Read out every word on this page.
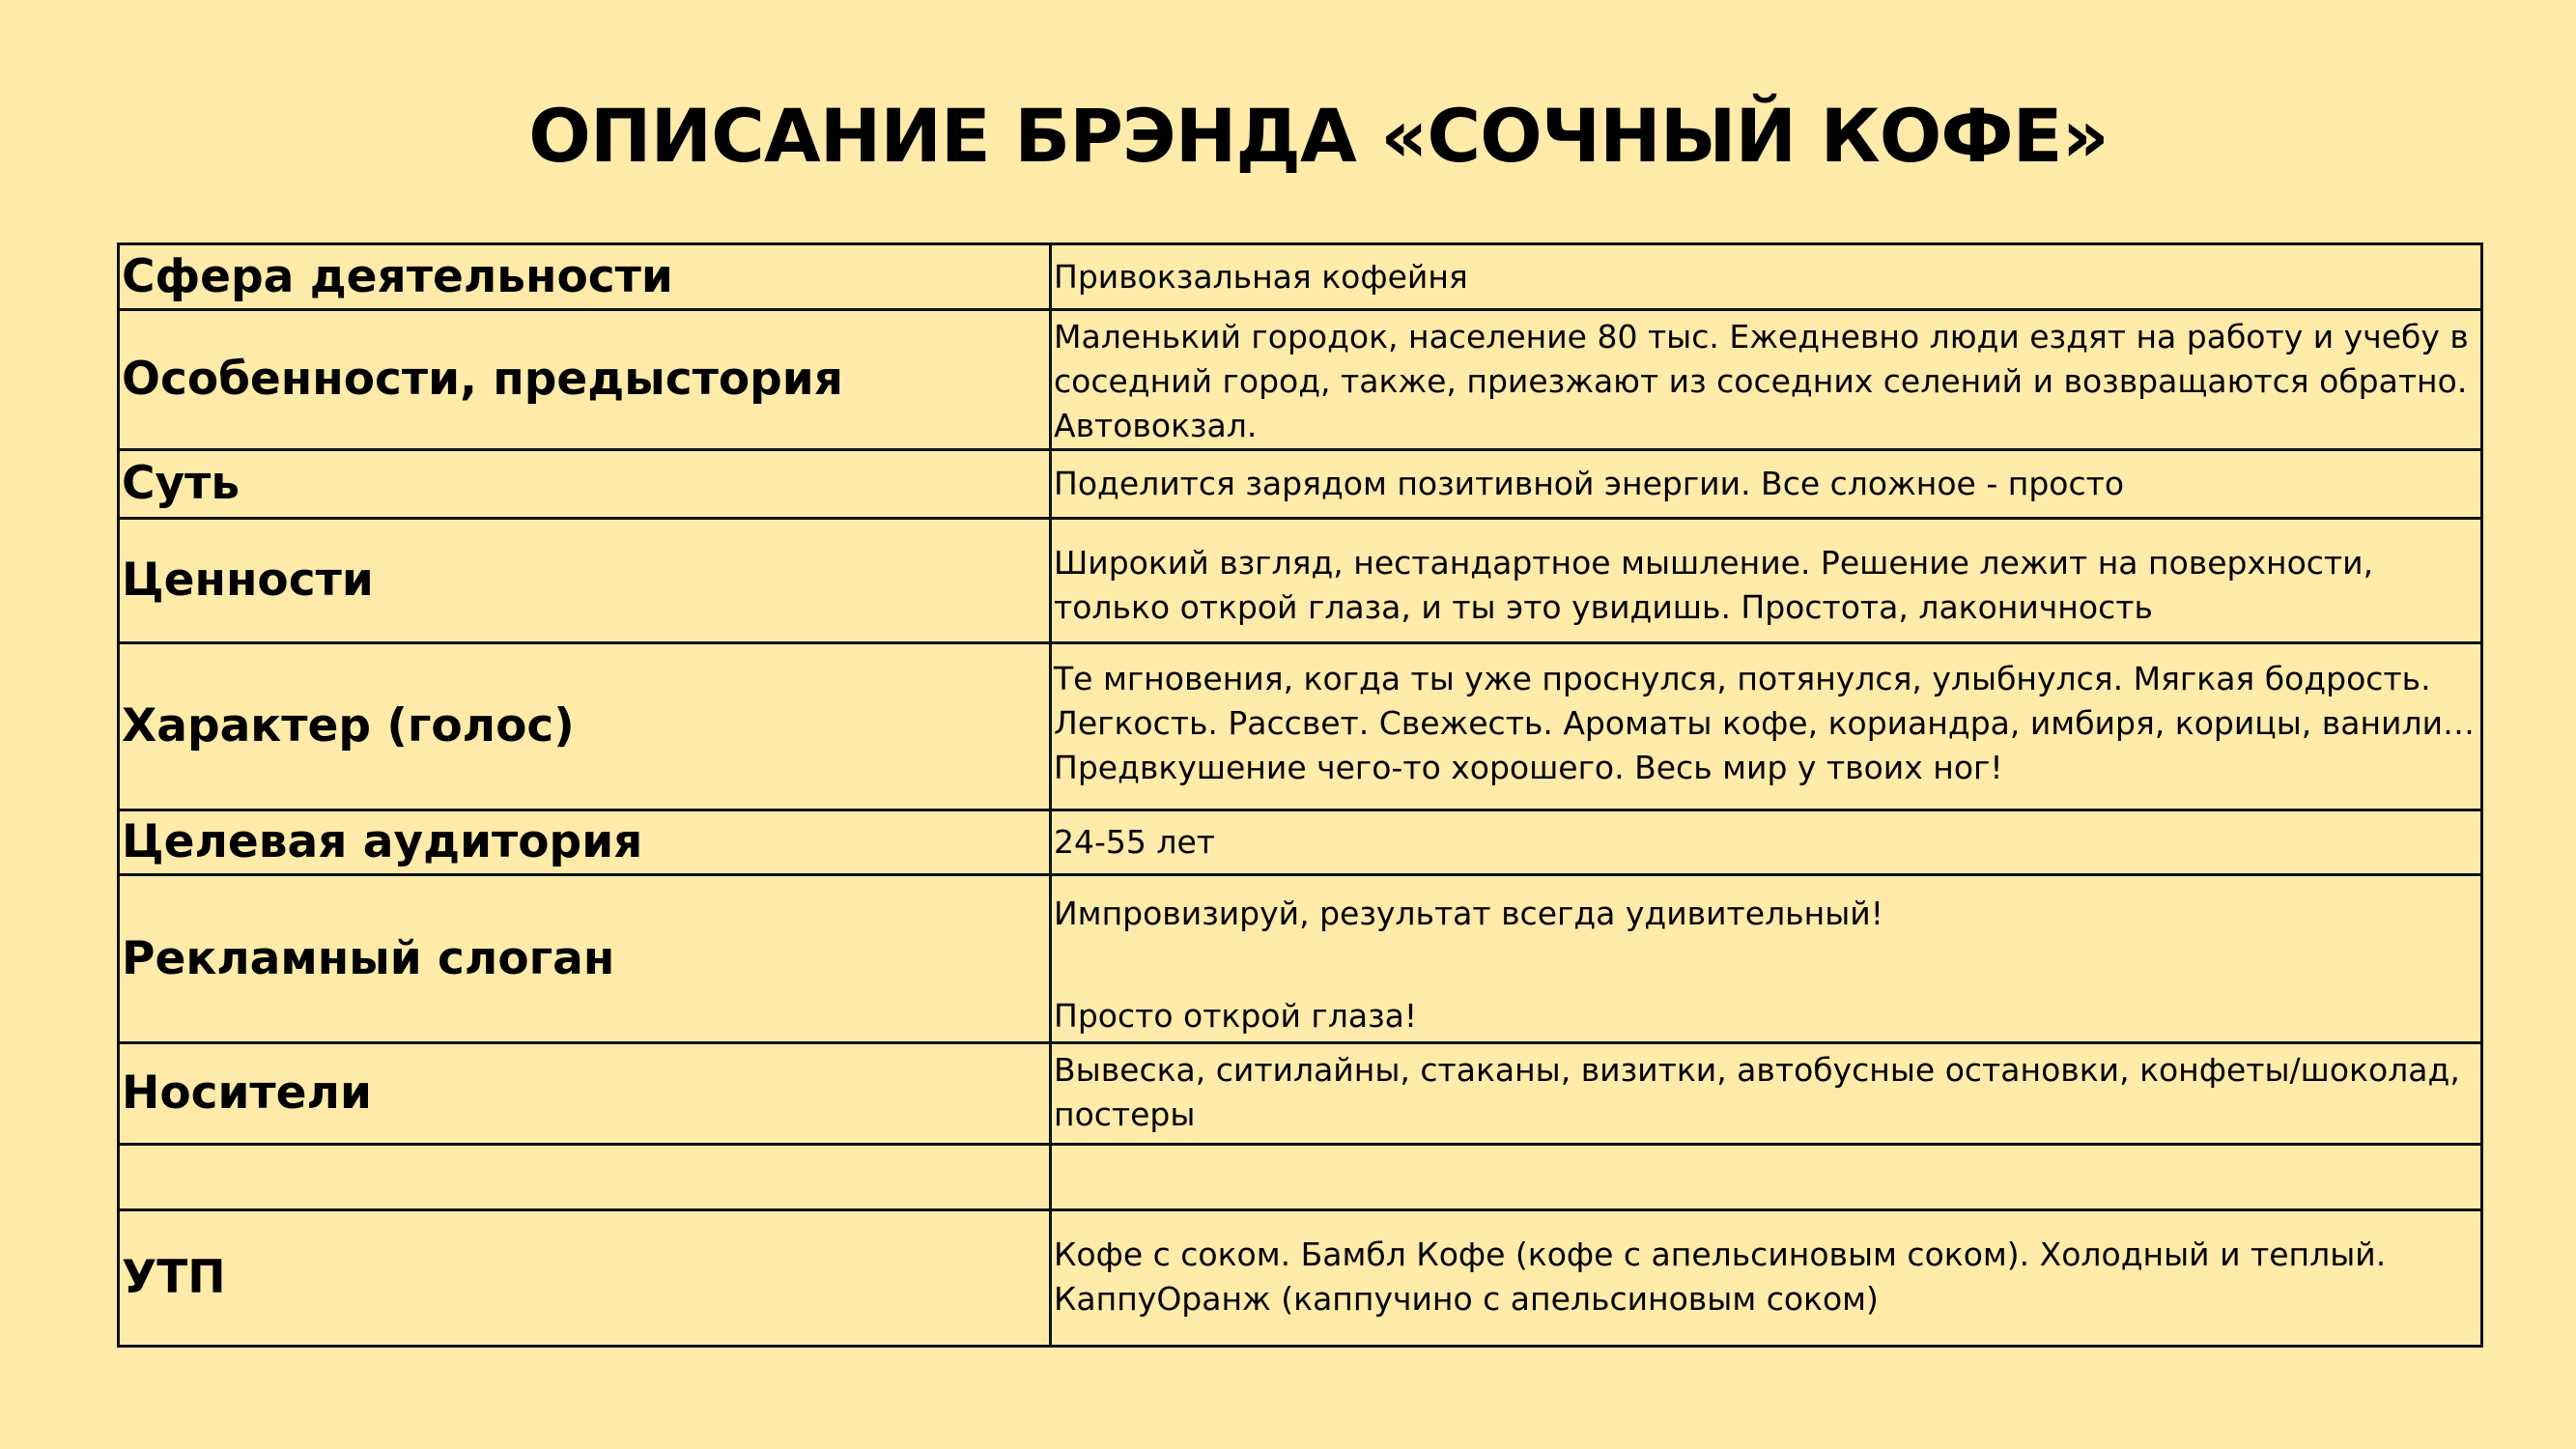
ОПИСАНИЕ БРЭНДА «СОЧНЫЙ КОФЕ»
Сфера деятельности	Привокзальная кофейня
Особенности, предыстория	Маленький городок, население 80 тыс. Ежедневно люди ездят на работу и учебу в соседний город, также, приезжают из соседних селений и возвращаются обратно. Автовокзал.
Суть	Поделится зарядом позитивной энергии. Все сложное - просто
Ценности	Широкий взгляд, нестандартное мышление. Решение лежит на поверхности, только открой глаза, и ты это увидишь. Простота, лаконичность
Характер (голос)	Те мгновения, когда ты уже проснулся, потянулся, улыбнулся. Мягкая бодрость. Легкость. Рассвет. Свежесть. Ароматы кофе, кориандра, имбиря, корицы, ванили… Предвкушение чего-то хорошего. Весь мир у твоих ног!
Целевая аудитория	24-55 лет
Рекламный слоган	Импровизируй, результат всегда удивительный!

Просто открой глаза!
Носители	Вывеска, ситилайны, стаканы, визитки, автобусные остановки, конфеты/шоколад, постеры

УТП	Кофе с соком. Бамбл Кофе (кофе с апельсиновым соком). Холодный и теплый. КаппуОранж (каппучино с апельсиновым соком)
